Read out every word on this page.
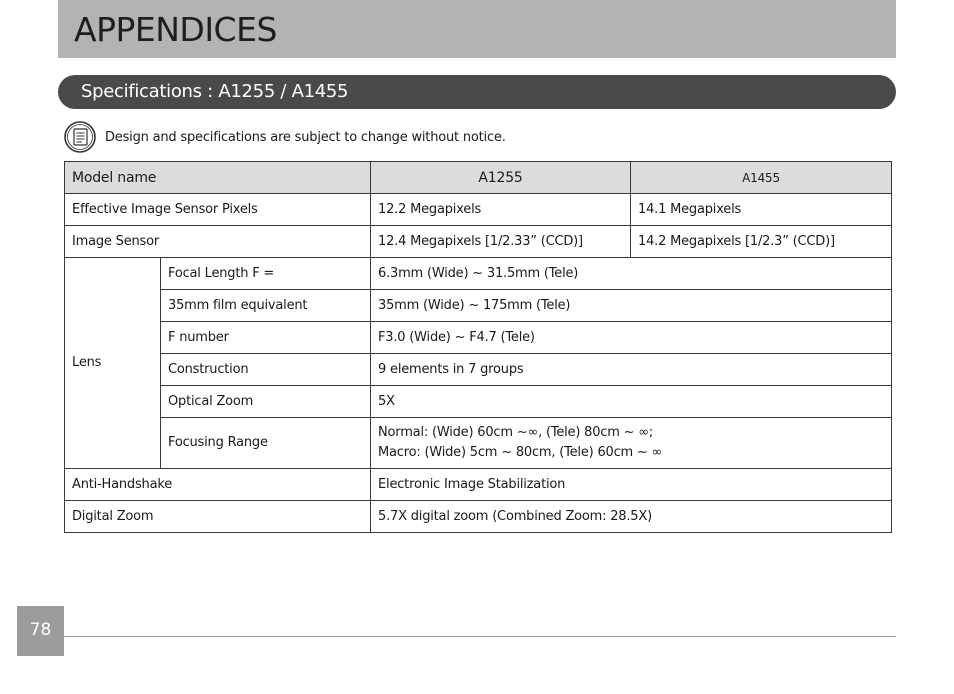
APPENDICES
Specifications : A1255 / A1455
Design and specifications are subject to change without notice.
Model name		A1255	A1455
Effective Image Sensor Pixels		12.2 Megapixels	14.1 Megapixels
Image Sensor		12.4 Megapixels [1/2.33” (CCD)]	14.2 Megapixels [1/2.3” (CCD)]
Lens	Focal Length F =	6.3mm (Wide) ~ 31.5mm (Tele)	
	35mm film equivalent	35mm (Wide) ~ 175mm (Tele)	
	F number	F3.0 (Wide) ~ F4.7 (Tele)	
	Construction	9 elements in 7 groups	
	Optical Zoom	5X	
	Focusing Range	Normal: (Wide) 60cm ~∞, (Tele) 80cm ~ ∞;
Macro: (Wide) 5cm ~ 80cm, (Tele) 60cm ~ ∞	

Anti-Handshake		Electronic Image Stabilization	
Digital Zoom		5.7X digital zoom (Combined Zoom: 28.5X)	
78
